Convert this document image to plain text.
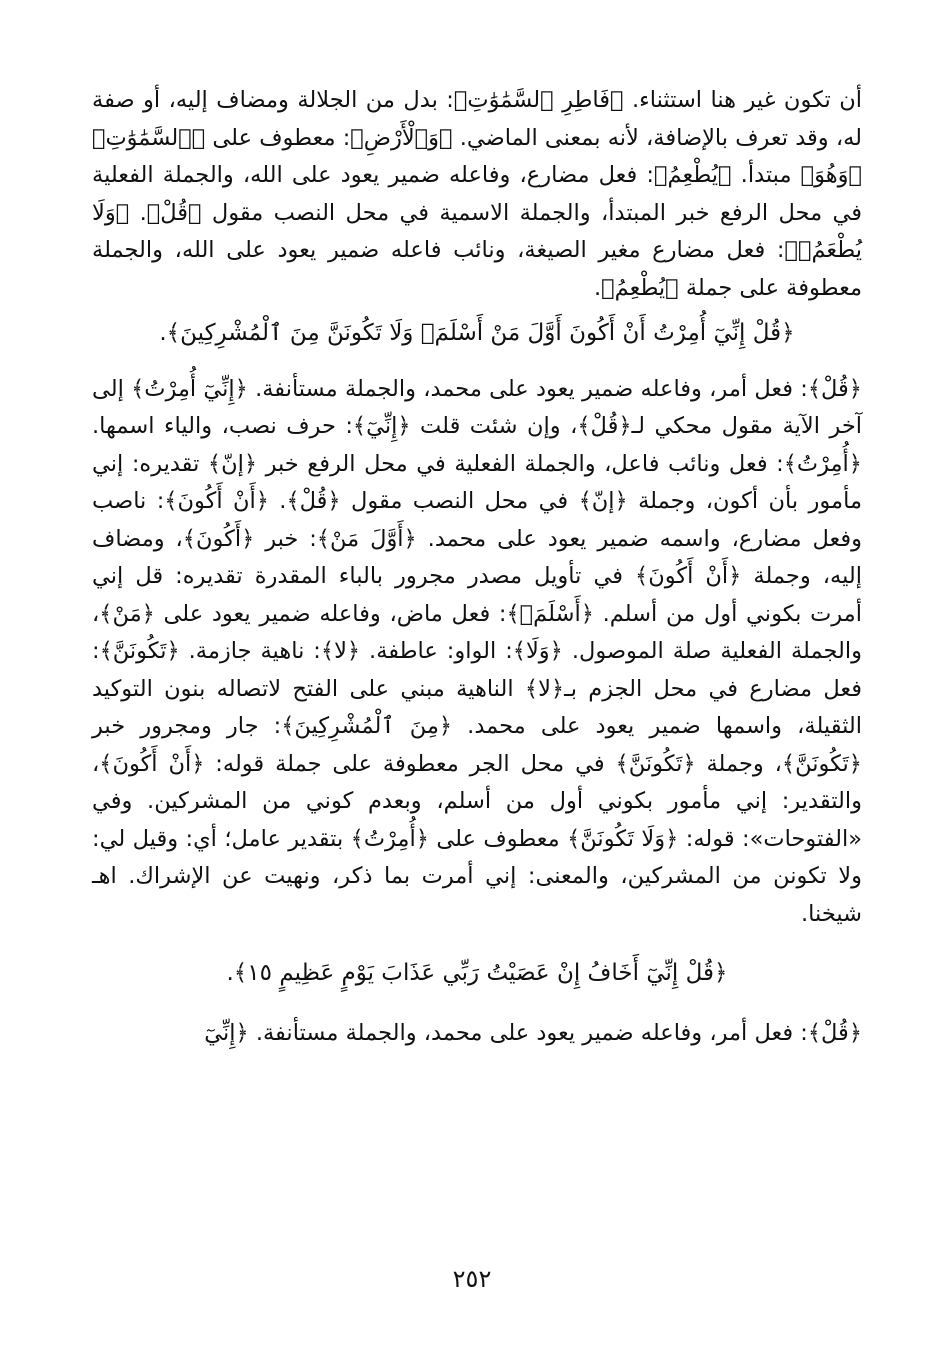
أن تكون غير هنا استثناء. ﴿فَاطِرِ ٱلسَّمَٰوَٰتِ﴾: بدل من الجلالة ومضاف إليه، أو صفة له، وقد تعرف بالإضافة، لأنه بمعنى الماضي. ﴿وَٱلْأَرْضِ﴾: معطوف على ﴿ٱلسَّمَٰوَٰتِ﴾ ﴿وَهُوَ﴾ مبتدأ. ﴿يُطْعِمُ﴾: فعل مضارع، وفاعله ضمير يعود على الله، والجملة الفعلية في محل الرفع خبر المبتدأ، والجملة الاسمية في محل النصب مقول ﴿قُلْ﴾. ﴿وَلَا يُطْعَمُۗ﴾: فعل مضارع مغير الصيغة، ونائب فاعله ضمير يعود على الله، والجملة معطوفة على جملة ﴿يُطْعِمُ﴾.

﴿قُلْ إِنِّيٓ أُمِرْتُ أَنْ أَكُونَ أَوَّلَ مَنْ أَسْلَمَۖ وَلَا تَكُونَنَّ مِنَ ٱلْمُشْرِكِينَ﴾.

﴿قُلْ﴾: فعل أمر، وفاعله ضمير يعود على محمد، والجملة مستأنفة. ﴿إِنِّيٓ أُمِرْتُ﴾ إلى آخر الآية مقول محكي لـ﴿قُلْ﴾، وإن شئت قلت ﴿إِنِّيٓ﴾: حرف نصب، والياء اسمها. ﴿أُمِرْتُ﴾: فعل ونائب فاعل، والجملة الفعلية في محل الرفع خبر ﴿إنّ﴾ تقديره: إني مأمور بأن أكون، وجملة ﴿إنّ﴾ في محل النصب مقول ﴿قُلْ﴾. ﴿أَنْ أَكُونَ﴾: ناصب وفعل مضارع، واسمه ضمير يعود على محمد. ﴿أَوَّلَ مَنْ﴾: خبر ﴿أَكُونَ﴾، ومضاف إليه، وجملة ﴿أَنْ أَكُونَ﴾ في تأويل مصدر مجرور بالباء المقدرة تقديره: قل إني أمرت بكوني أول من أسلم. ﴿أَسْلَمَۖ﴾: فعل ماض، وفاعله ضمير يعود على ﴿مَنْ﴾، والجملة الفعلية صلة الموصول. ﴿وَلَا﴾: الواو: عاطفة. ﴿لا﴾: ناهية جازمة. ﴿تَكُونَنَّ﴾: فعل مضارع في محل الجزم بـ﴿لا﴾ الناهية مبني على الفتح لاتصاله بنون التوكيد الثقيلة، واسمها ضمير يعود على محمد. ﴿مِنَ ٱلْمُشْرِكِينَ﴾: جار ومجرور خبر ﴿تَكُونَنَّ﴾، وجملة ﴿تَكُونَنَّ﴾ في محل الجر معطوفة على جملة قوله: ﴿أَنْ أَكُونَ﴾، والتقدير: إني مأمور بكوني أول من أسلم، وبعدم كوني من المشركين. وفي «الفتوحات»: قوله: ﴿وَلَا تَكُونَنَّ﴾ معطوف على ﴿أُمِرْتُ﴾ بتقدير عامل؛ أي: وقيل لي: ولا تكونن من المشركين، والمعنى: إني أمرت بما ذكر، ونهيت عن الإشراك. اهـ شيخنا.

﴿قُلْ إِنِّيٓ أَخَافُ إِنْ عَصَيْتُ رَبِّي عَذَابَ يَوْمٍ عَظِيمٍ ١٥﴾.

﴿قُلْ﴾: فعل أمر، وفاعله ضمير يعود على محمد، والجملة مستأنفة. ﴿إِنِّيٓ

٢٥٢
